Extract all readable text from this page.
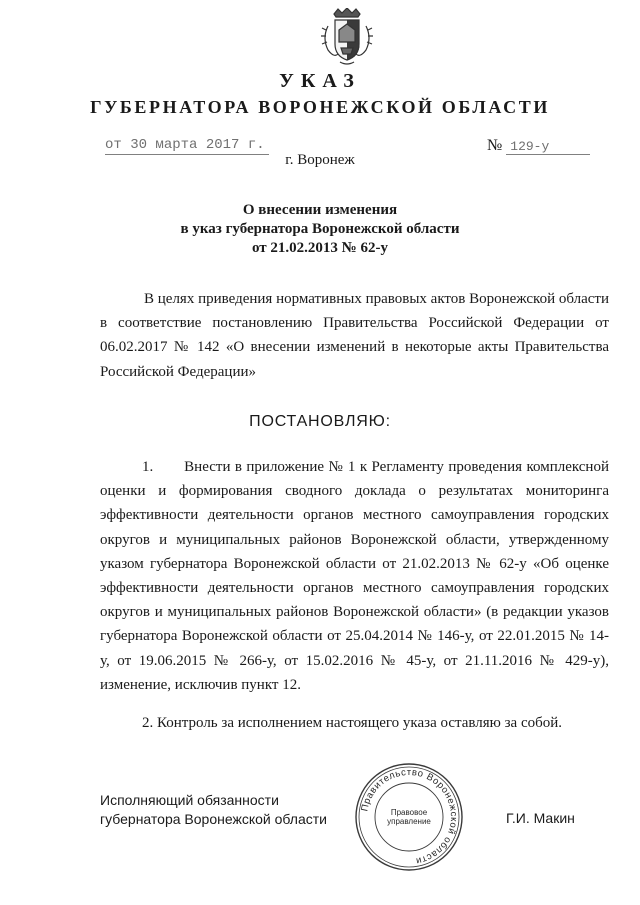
УКАЗ
ГУБЕРНАТОРА ВОРОНЕЖСКОЙ ОБЛАСТИ
от 30 марта 2017 г.	№ 129-у
г. Воронеж
О внесении изменения
в указ губернатора Воронежской области
от 21.02.2013 № 62-у
В целях приведения нормативных правовых актов Воронежской области в соответствие постановлению Правительства Российской Федерации от 06.02.2017 № 142 «О внесении изменений в некоторые акты Правительства Российской Федерации»
ПОСТАНОВЛЯЮ:
1.       Внести в приложение № 1 к Регламенту проведения комплексной оценки и формирования сводного доклада о результатах мониторинга эффективности деятельности органов местного самоуправления городских округов и муниципальных районов Воронежской области, утвержденному указом губернатора Воронежской области от 21.02.2013 № 62-у «Об оценке эффективности деятельности органов местного самоуправления городских округов и муниципальных районов Воронежской области» (в редакции указов губернатора Воронежской области от 25.04.2014 № 146-у, от 22.01.2015 № 14-у, от 19.06.2015 № 266-у, от 15.02.2016 № 45-у, от 21.11.2016 № 429-у), изменение, исключив пункт 12.
2. Контроль за исполнением настоящего указа оставляю за собой.
Исполняющий обязанности
губернатора Воронежской области
Правительство Воронежской области
Правовое
управление	Г.И. Макин
